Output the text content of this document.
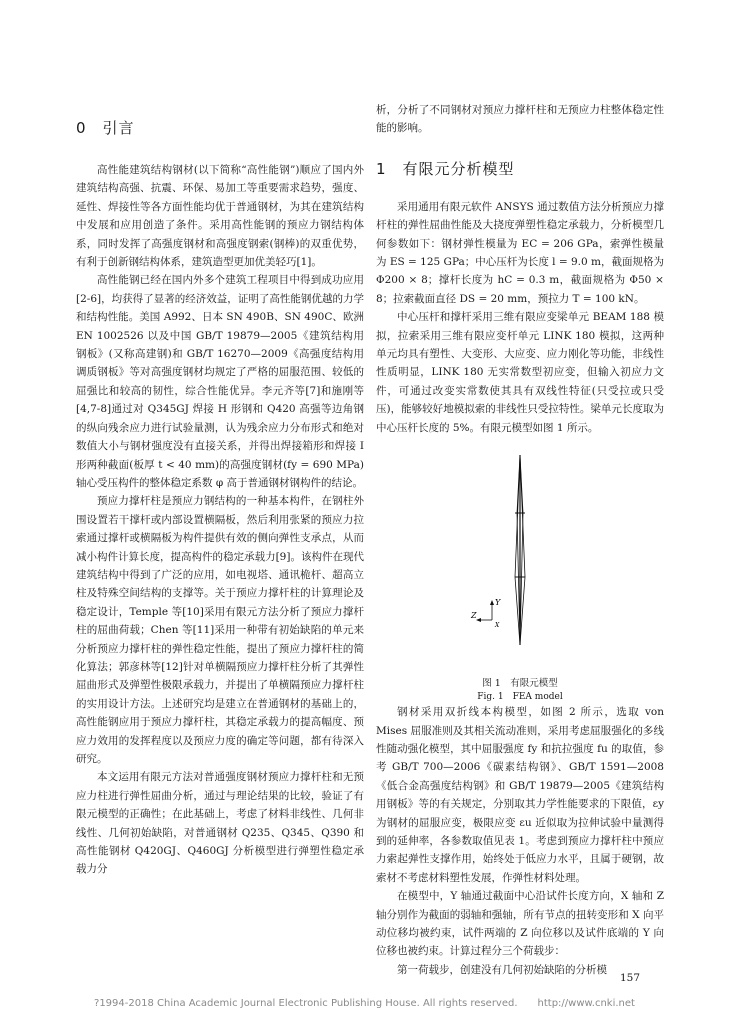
0　引言

高性能建筑结构钢材(以下简称“高性能钢”)顺应了国内外建筑结构高强、抗震、环保、易加工等重要需求趋势，强度、延性、焊接性等各方面性能均优于普通钢材，为其在建筑结构中发展和应用创造了条件。采用高性能钢的预应力钢结构体系，同时发挥了高强度钢材和高强度钢索(钢棒)的双重优势，有利于创新钢结构体系，建筑造型更加优美轻巧[1]。

高性能钢已经在国内外多个建筑工程项目中得到成功应用[2-6]，均获得了显著的经济效益，证明了高性能钢优越的力学和结构性能。美国 A992、日本 SN 490B、SN 490C、欧洲 EN 1002526 以及中国 GB/T 19879—2005《建筑结构用钢板》(又称高建钢)和 GB/T 16270—2009《高强度结构用调质钢板》等对高强度钢材均规定了严格的屈服范围、较低的屈强比和较高的韧性，综合性能优异。李元齐等[7]和施刚等[4,7-8]通过对 Q345GJ 焊接 H 形钢和 Q420 高强等边角钢的纵向残余应力进行试验量测，认为残余应力分布形式和绝对数值大小与钢材强度没有直接关系，并得出焊接箱形和焊接 I 形两种截面(板厚 t < 40 mm)的高强度钢材(fy = 690 MPa)轴心受压构件的整体稳定系数 φ 高于普通钢材钢构件的结论。

预应力撑杆柱是预应力钢结构的一种基本构件，在钢柱外围设置若干撑杆或内部设置横隔板，然后利用张紧的预应力拉索通过撑杆或横隔板为构件提供有效的侧向弹性支承点，从而减小构件计算长度，提高构件的稳定承载力[9]。该构件在现代建筑结构中得到了广泛的应用，如电视塔、通讯桅杆、超高立柱及特殊空间结构的支撑等。关于预应力撑杆柱的计算理论及稳定设计，Temple 等[10]采用有限元方法分析了预应力撑杆柱的屈曲荷载；Chen 等[11]采用一种带有初始缺陷的单元来分析预应力撑杆柱的弹性稳定性能，提出了预应力撑杆柱的简化算法；郭彦林等[12]针对单横隔预应力撑杆柱分析了其弹性屈曲形式及弹塑性极限承载力，并提出了单横隔预应力撑杆柱的实用设计方法。上述研究均是建立在普通钢材的基础上的，高性能钢应用于预应力撑杆柱，其稳定承载力的提高幅度、预应力效用的发挥程度以及预应力度的确定等问题，都有待深入研究。

本文运用有限元方法对普通强度钢材预应力撑杆柱和无预应力柱进行弹性屈曲分析，通过与理论结果的比较，验证了有限元模型的正确性；在此基础上，考虑了材料非线性、几何非线性、几何初始缺陷，对普通钢材 Q235、Q345、Q390 和高性能钢材 Q420GJ、Q460GJ 分析模型进行弹塑性稳定承载力分

析，分析了不同钢材对预应力撑杆柱和无预应力柱整体稳定性能的影响。

1　有限元分析模型

采用通用有限元软件 ANSYS 通过数值方法分析预应力撑杆柱的弹性屈曲性能及大挠度弹塑性稳定承载力，分析模型几何参数如下：钢材弹性模量为 EC = 206 GPa，索弹性模量为 ES = 125 GPa；中心压杆为长度 l = 9.0 m，截面规格为 Φ200 × 8；撑杆长度为 hC = 0.3 m，截面规格为 Φ50 × 8；拉索截面直径 DS = 20 mm，预拉力 T = 100 kN。

中心压杆和撑杆采用三维有限应变梁单元 BEAM 188 模拟，拉索采用三维有限应变杆单元 LINK 180 模拟，这两种单元均具有塑性、大变形、大应变、应力刚化等功能，非线性性质明显，LINK 180 无实常数型初应变，但输入初应力文件，可通过改变实常数使其具有双线性特征(只受拉或只受压)，能够较好地模拟索的非线性只受拉特性。梁单元长度取为中心压杆长度的 5%。有限元模型如图 1 所示。

Y
Z
X
图 1　有限元模型
Fig. 1　FEA model

钢材采用双折线本构模型，如图 2 所示，选取 von Mises 屈服准则及其相关流动准则，采用考虑屈服强化的多线性随动强化模型，其中屈服强度 fy 和抗拉强度 fu 的取值，参考 GB/T 700—2006《碳素结构钢》、GB/T 1591—2008《低合金高强度结构钢》和 GB/T 19879—2005《建筑结构用钢板》等的有关规定，分别取其力学性能要求的下限值，εy 为钢材的屈服应变，极限应变 εu 近似取为拉伸试验中量测得到的延伸率，各参数取值见表 1。考虑到预应力撑杆柱中预应力索起弹性支撑作用，始终处于低应力水平，且属于硬钢，故索材不考虑材料塑性发展，作弹性材料处理。

在模型中，Y 轴通过截面中心沿试件长度方向，X 轴和 Z 轴分别作为截面的弱轴和强轴，所有节点的扭转变形和 X 向平动位移均被约束，试件两端的 Z 向位移以及试件底端的 Y 向位移也被约束。计算过程分三个荷载步：

第一荷载步，创建没有几何初始缺陷的分析模

157
?1994-2018 China Academic Journal Electronic Publishing House. All rights reserved.　　http://www.cnki.net
